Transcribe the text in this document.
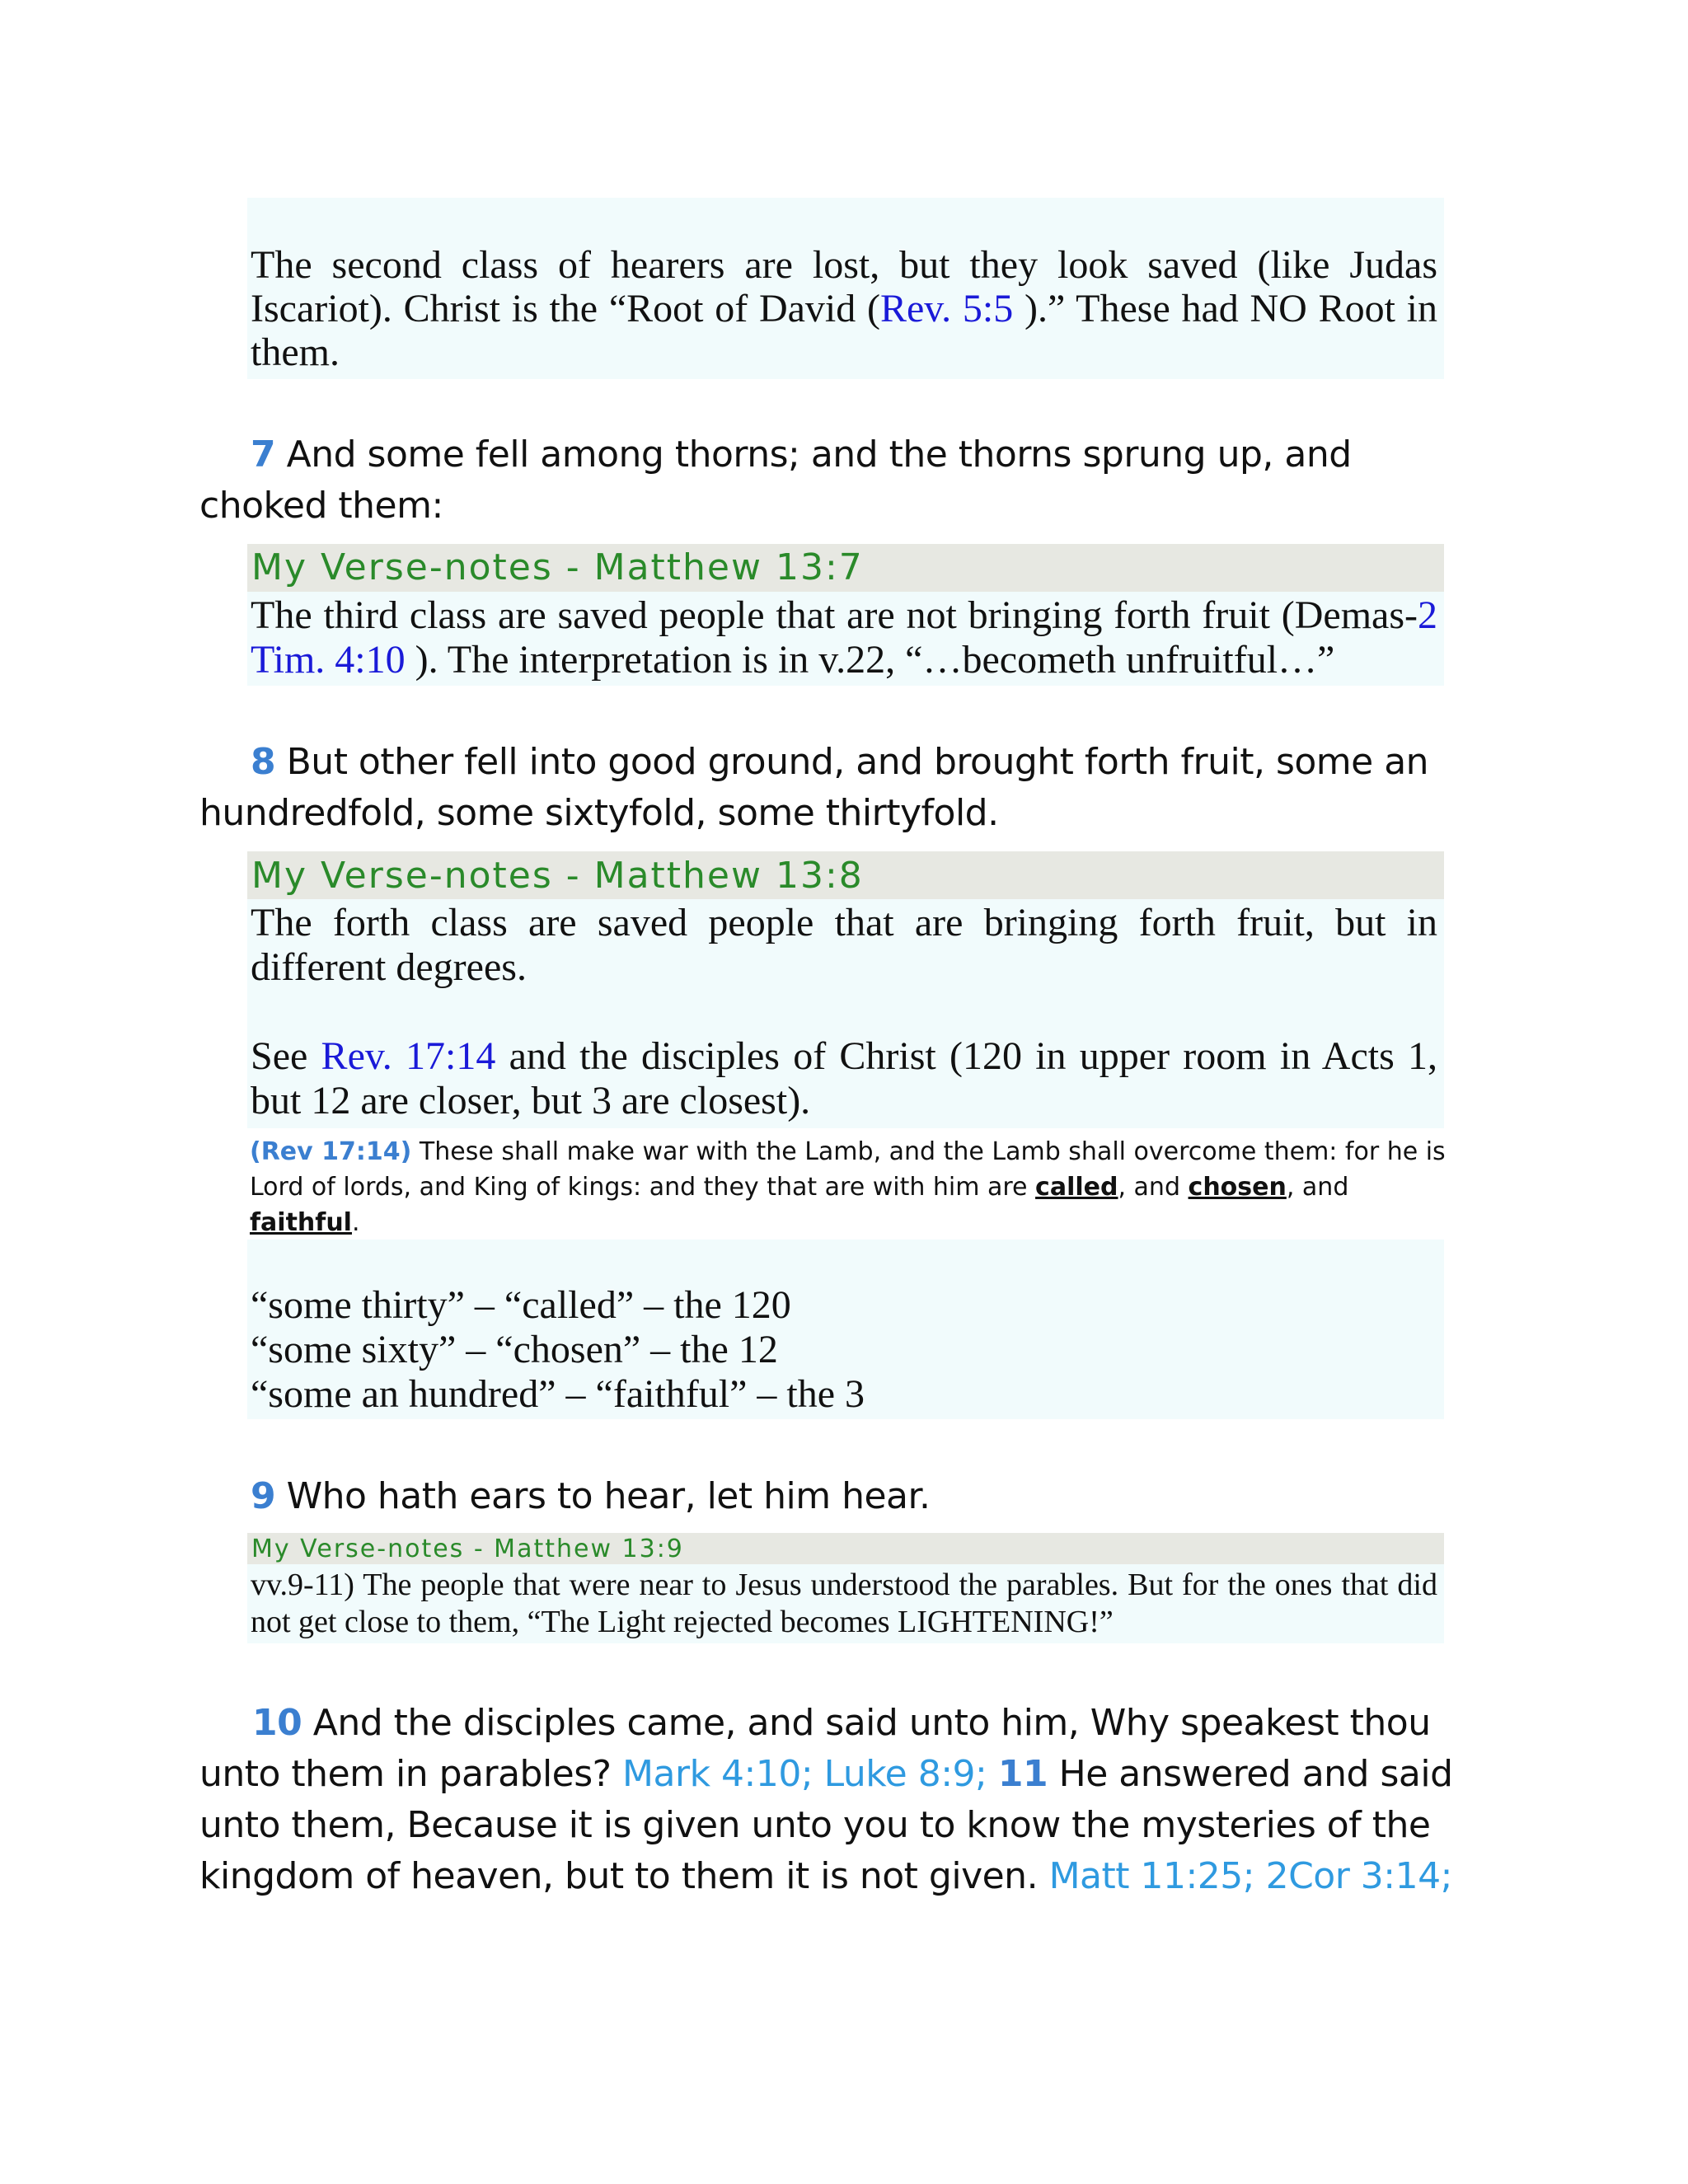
The second class of hearers are lost, but they look saved (like Judas Iscariot). Christ is the “Root of David (Rev. 5:5 ).” These had NO Root in them.
7 And some fell among thorns; and the thorns sprung up, and choked them:
My Verse-notes - Matthew 13:7
The third class are saved people that are not bringing forth fruit (Demas-2 Tim. 4:10 ). The interpretation is in v.22, “…becometh unfruitful…”
8 But other fell into good ground, and brought forth fruit, some an hundredfold, some sixtyfold, some thirtyfold.
My Verse-notes - Matthew 13:8
The forth class are saved people that are bringing forth fruit, but in different degrees.
See Rev. 17:14 and the disciples of Christ (120 in upper room in Acts 1, but 12 are closer, but 3 are closest).
(Rev 17:14) These shall make war with the Lamb, and the Lamb shall overcome them: for he is Lord of lords, and King of kings: and they that are with him are called, and chosen, and faithful.
“some thirty” – “called” – the 120
“some sixty” – “chosen” – the 12
“some an hundred” – “faithful” – the 3
9 Who hath ears to hear, let him hear.
My Verse-notes - Matthew 13:9
vv.9-11) The people that were near to Jesus understood the parables. But for the ones that did not get close to them, “The Light rejected becomes LIGHTENING!”
10 And the disciples came, and said unto him, Why speakest thou unto them in parables? Mark 4:10; Luke 8:9; 11 He answered and said unto them, Because it is given unto you to know the mysteries of the kingdom of heaven, but to them it is not given. Matt 11:25; 2Cor 3:14;
